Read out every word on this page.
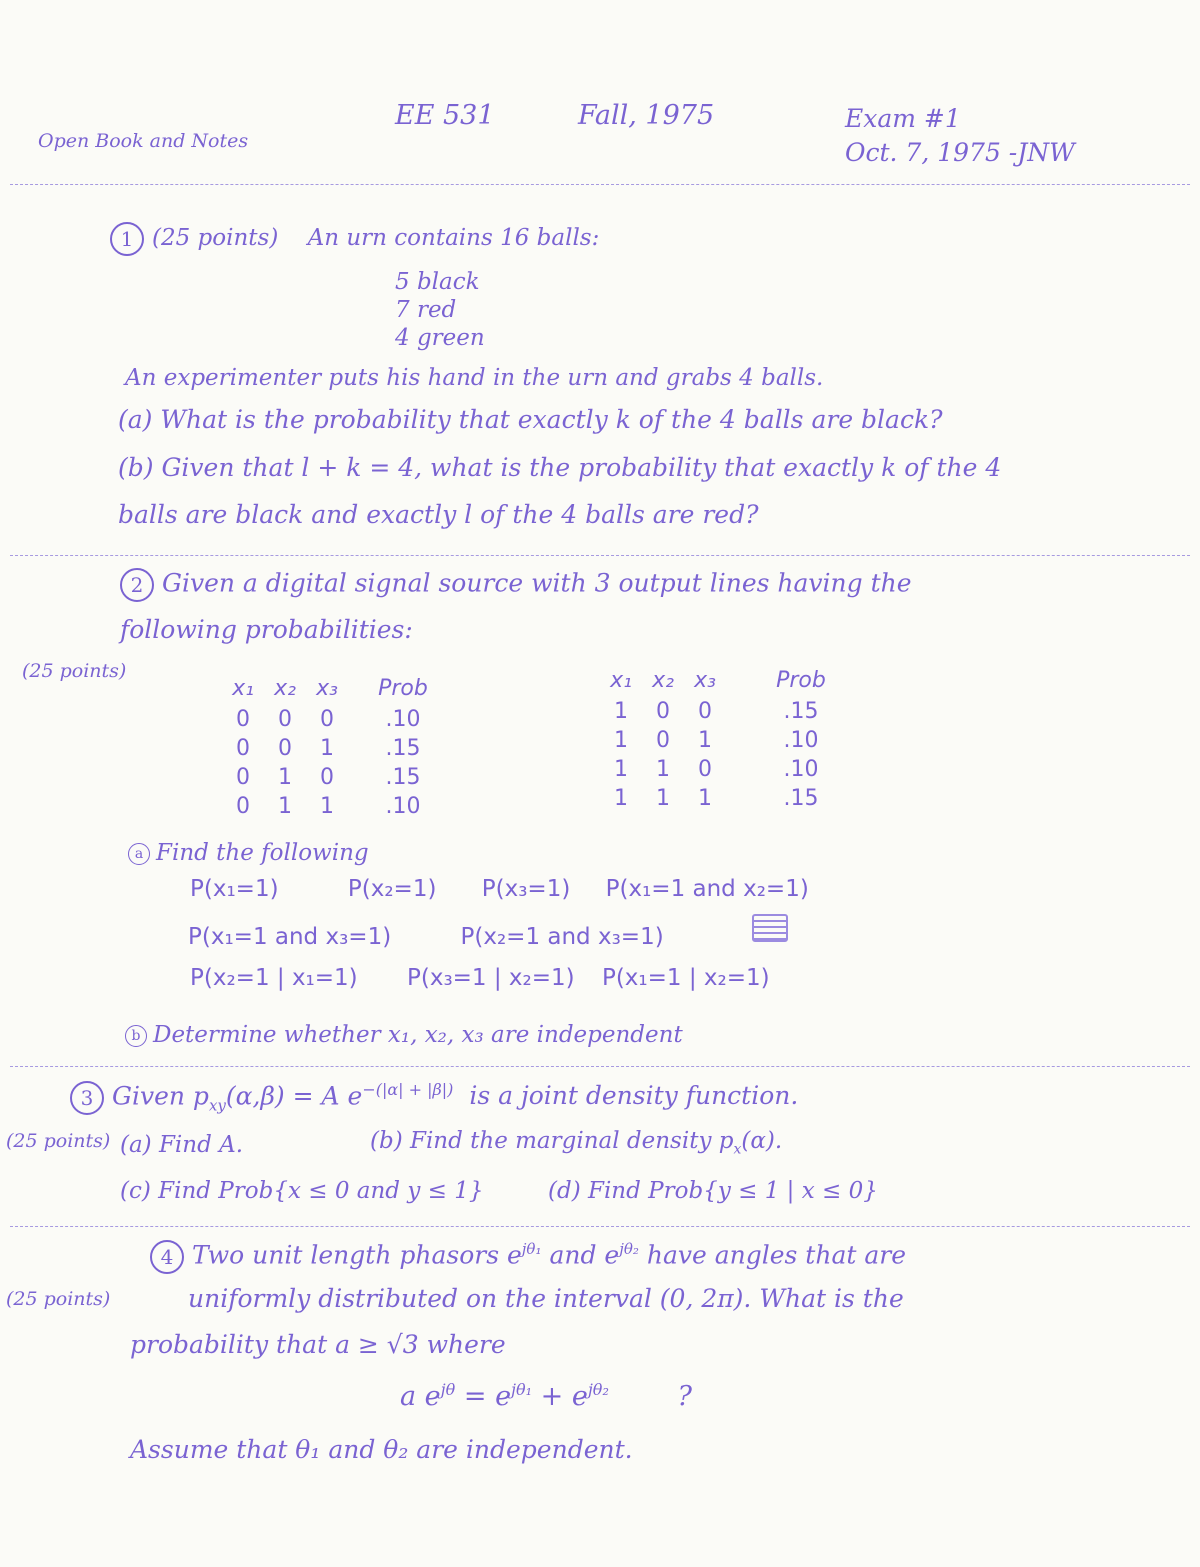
Open Book and Notes
EE 531	Fall, 1975	Exam #1
Oct. 7, 1975 -JNW
1 (25 points) An urn contains 16 balls:
5 black
7 red
4 green
An experimenter puts his hand in the urn and grabs 4 balls.
(a) What is the probability that exactly k of the 4 balls are black?
(b) Given that l + k = 4, what is the probability that exactly k of the 4
balls are black and exactly l of the 4 balls are red?
2 Given a digital signal source with 3 output lines having the
following probabilities:
(25 points)
x₁	x₂	x₃	Prob
0	0	0	.10
0	0	1	.15
0	1	0	.15
0	1	1	.10
x₁	x₂	x₃	Prob
1	0	0	.15
1	0	1	.10
1	1	0	.10
1	1	1	.15
a Find the following
P(x₁=1)	P(x₂=1) P(x₃=1) P(x₁=1 and x₂=1)
P(x₁=1 and x₃=1)	P(x₂=1 and x₃=1)
P(x₂=1 | x₁=1) P(x₃=1 | x₂=1) P(x₁=1 | x₂=1)
b Determine whether x₁, x₂, x₃ are independent
3 Given $p_{xy}(\alpha,\beta) = A$ $e^{-(|\alpha| + |\beta|)}$ is a joint density function.
(25 points) (a) Find A.	(b) Find the marginal density $p_x(\alpha)$.
(c) Find Prob{x ≤ 0 and y ≤ 1}	(d) Find Prob{y ≤ 1 | x ≤ 0}
4 Two unit length phasors $e^{j\theta_1}$ and $e^{j\theta_2}$ have angles that are
(25 points)	uniformly distributed on the interval (0, 2π). What is the
probability that a ≥ √3 where
a $e^{j\theta} = e^{j\theta_1} + e^{j\theta_2}$	?
Assume that θ₁ and θ₂ are independent.
